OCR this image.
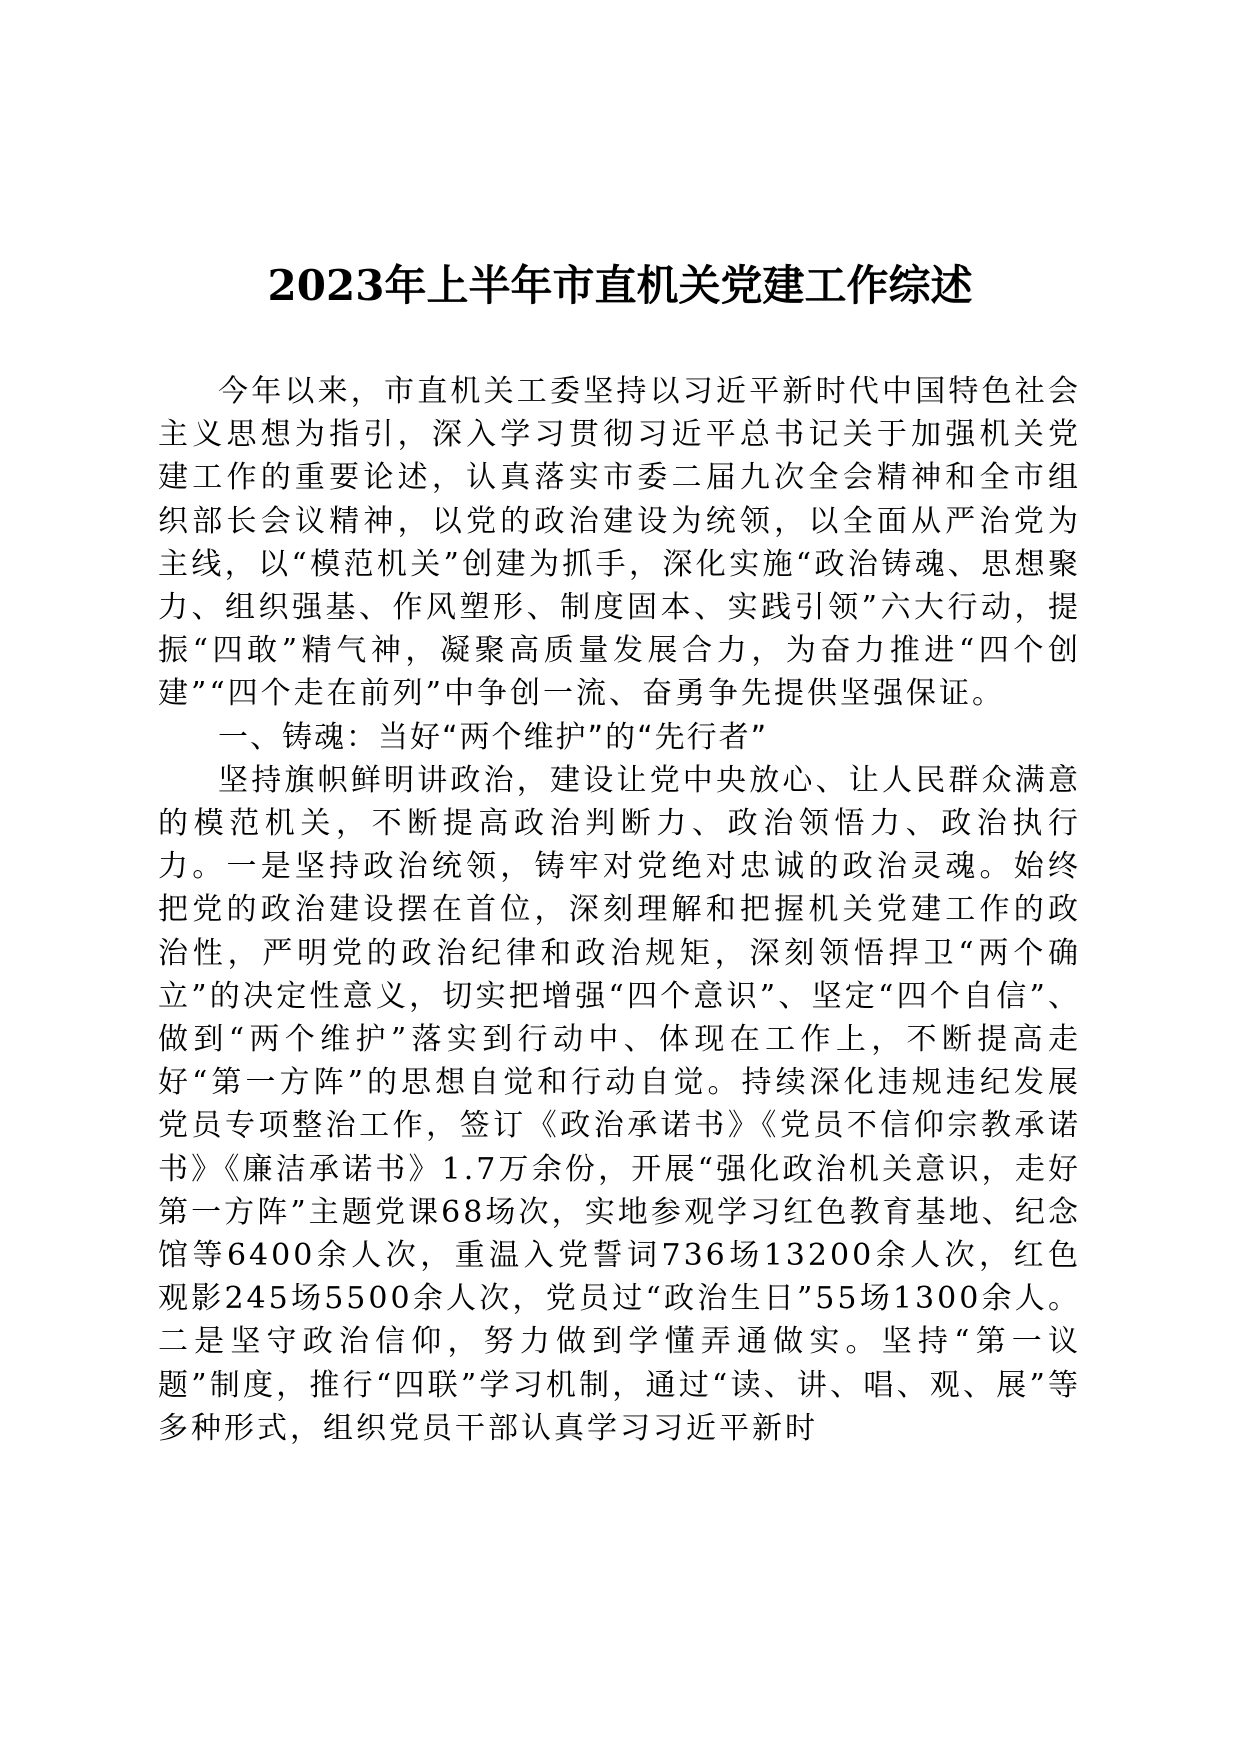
2023年上半年市直机关党建工作综述

今年以来，市直机关工委坚持以习近平新时代中国特色社会主义思想为指引，深入学习贯彻习近平总书记关于加强机关党建工作的重要论述，认真落实市委二届九次全会精神和全市组织部长会议精神，以党的政治建设为统领，以全面从严治党为主线，以“模范机关”创建为抓手，深化实施“政治铸魂、思想聚力、组织强基、作风塑形、制度固本、实践引领”六大行动，提振“四敢”精气神，凝聚高质量发展合力，为奋力推进“四个创建”“四个走在前列”中争创一流、奋勇争先提供坚强保证。

一、铸魂：当好“两个维护”的“先行者”

坚持旗帜鲜明讲政治，建设让党中央放心、让人民群众满意的模范机关，不断提高政治判断力、政治领悟力、政治执行力。一是坚持政治统领，铸牢对党绝对忠诚的政治灵魂。始终把党的政治建设摆在首位，深刻理解和把握机关党建工作的政治性，严明党的政治纪律和政治规矩，深刻领悟捍卫“两个确立”的决定性意义，切实把增强“四个意识”、坚定“四个自信”、做到“两个维护”落实到行动中、体现在工作上，不断提高走好“第一方阵”的思想自觉和行动自觉。持续深化违规违纪发展党员专项整治工作，签订《政治承诺书》《党员不信仰宗教承诺书》《廉洁承诺书》1.7万余份，开展“强化政治机关意识，走好第一方阵”主题党课68场次，实地参观学习红色教育基地、纪念馆等6400余人次，重温入党誓词736场13200余人次，红色观影245场5500余人次，党员过“政治生日”55场1300余人。二是坚守政治信仰，努力做到学懂弄通做实。坚持“第一议题”制度，推行“四联”学习机制，通过“读、讲、唱、观、展”等多种形式，组织党员干部认真学习习近平新时
